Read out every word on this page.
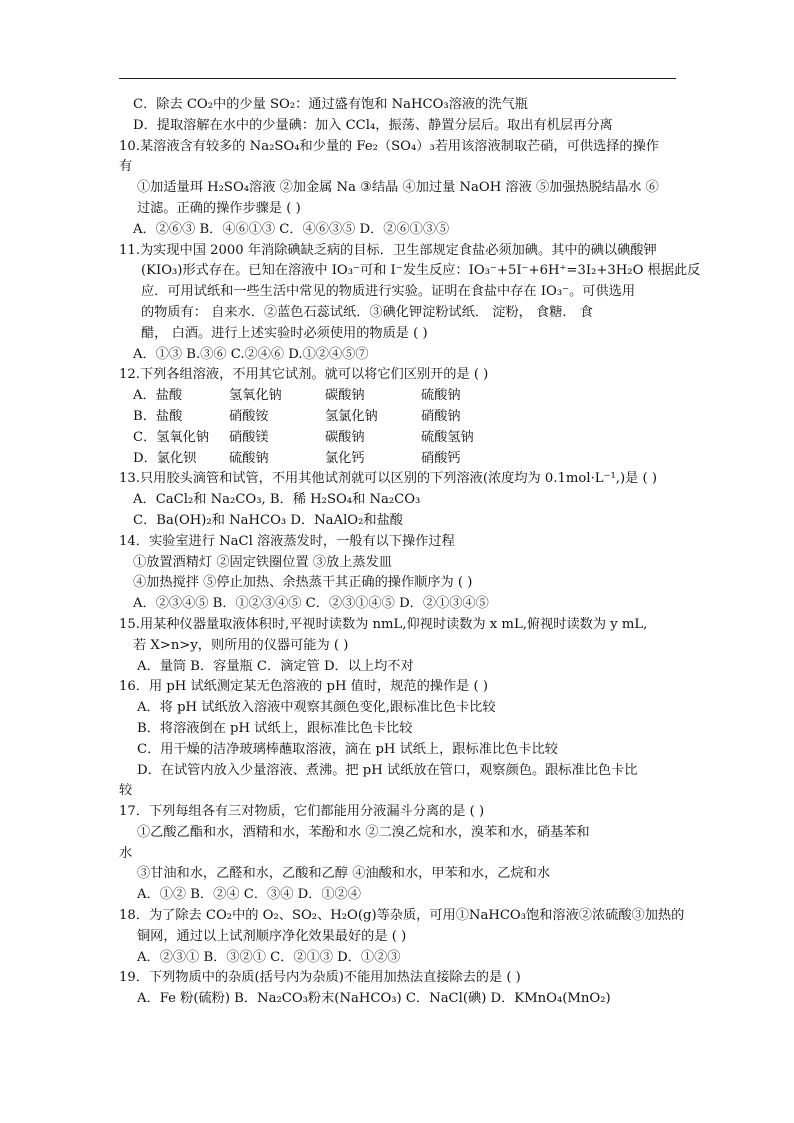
C．除去 CO₂中的少量 SO₂：通过盛有饱和 NaHCO₃溶液的洗气瓶
D．提取溶解在水中的少量碘：加入 CCl₄，振荡、静置分层后。取出有机层再分离
10.某溶液含有较多的 Na₂SO₄和少量的 Fe₂（SO₄）₃若用该溶液制取芒硝，可供选择的操作
有
①加适量珥 H₂SO₄溶液 ②加金属 Na ③结晶 ④加过量 NaOH 溶液 ⑤加强热脱结晶水 ⑥
过滤。正确的操作步骤是 ( )
A．②⑥③ B．④⑥①③ C．④⑥③⑤ D．②⑥①③⑤
11.为实现中国 2000 年消除碘缺乏病的目标．卫生部规定食盐必须加碘。其中的碘以碘酸钾
(KIO₃)形式存在。已知在溶液中 IO₃⁻可和 I⁻发生反应：IO₃⁻+5I⁻+6H⁺=3I₂+3H₂O 根据此反
应．可用试纸和一些生活中常见的物质进行实验。证明在食盐中存在 IO₃⁻。可供选用
的物质有： 自来水．②蓝色石蕊试纸．③碘化钾淀粉试纸． 淀粉， 食糖． 食
醋， 白酒。进行上述实验时必须使用的物质是 ( )
A．①③ B.③⑥ C.②④⑥ D.①②④⑤⑦
12.下列各组溶液，不用其它试剂。就可以将它们区别开的是 ( )
A．盐酸	氢氧化钠	碳酸钠	硫酸钠
B．盐酸	硝酸铵	氢氯化钠	硝酸钠
C．氢氧化钠 硝酸镁	碳酸钠	硫酸氢钠
D．氯化钡 硫酸钠	氯化钙	硝酸钙
13.只用胶头滴管和试管，不用其他试剂就可以区别的下列溶液(浓度均为 0.1mol·L⁻¹,)是 ( )
A．CaCl₂和 Na₂CO₃, B．稀 H₂SO₄和 Na₂CO₃
C．Ba(OH)₂和 NaHCO₃ D．NaAlO₂和盐酸
14．实验室进行 NaCl 溶液蒸发时，一般有以下操作过程
①放置酒精灯 ②固定铁圈位置 ③放上蒸发皿
④加热搅拌 ⑤停止加热、余热蒸干其正确的操作顺序为 ( )
A．②③④⑤ B．①②③④⑤ C．②③①④⑤ D．②①③④⑤
15.用某种仪器量取液体积时,平视时读数为 nmL,仰视时读数为 x mL,俯视时读数为 y mL,
若 X>n>y，则所用的仪器可能为 ( )
A．量筒 B．容量瓶 C．滴定管 D．以上均不对
16．用 pH 试纸测定某无色溶液的 pH 值时，规范的操作是 ( )
A．将 pH 试纸放入溶液中观察其颜色变化,跟标准比色卡比较
B．将溶液倒在 pH 试纸上，跟标准比色卡比较
C．用干燥的洁净玻璃棒蘸取溶液，滴在 pH 试纸上，跟标准比色卡比较
D．在试管内放入少量溶液、煮沸。把 pH 试纸放在管口，观察颜色。跟标准比色卡比
较
17．下列每组各有三对物质，它们都能用分液漏斗分离的是 ( )
①乙酸乙酯和水，酒精和水，苯酚和水 ②二溴乙烷和水，溴苯和水，硝基苯和
水
③甘油和水，乙醛和水，乙酸和乙醇 ④油酸和水，甲苯和水，乙烷和水
A．①② B．②④ C．③④ D．①②④
18．为了除去 CO₂中的 O₂、SO₂、H₂O(g)等杂质，可用①NaHCO₃饱和溶液②浓硫酸③加热的
铜网，通过以上试剂顺序净化效果最好的是 ( )
A．②③① B．③②① C．②①③ D．①②③
19．下列物质中的杂质(括号内为杂质)不能用加热法直接除去的是 ( )
A．Fe 粉(硫粉) B．Na₂CO₃粉末(NaHCO₃) C．NaCl(碘) D．KMnO₄(MnO₂)
